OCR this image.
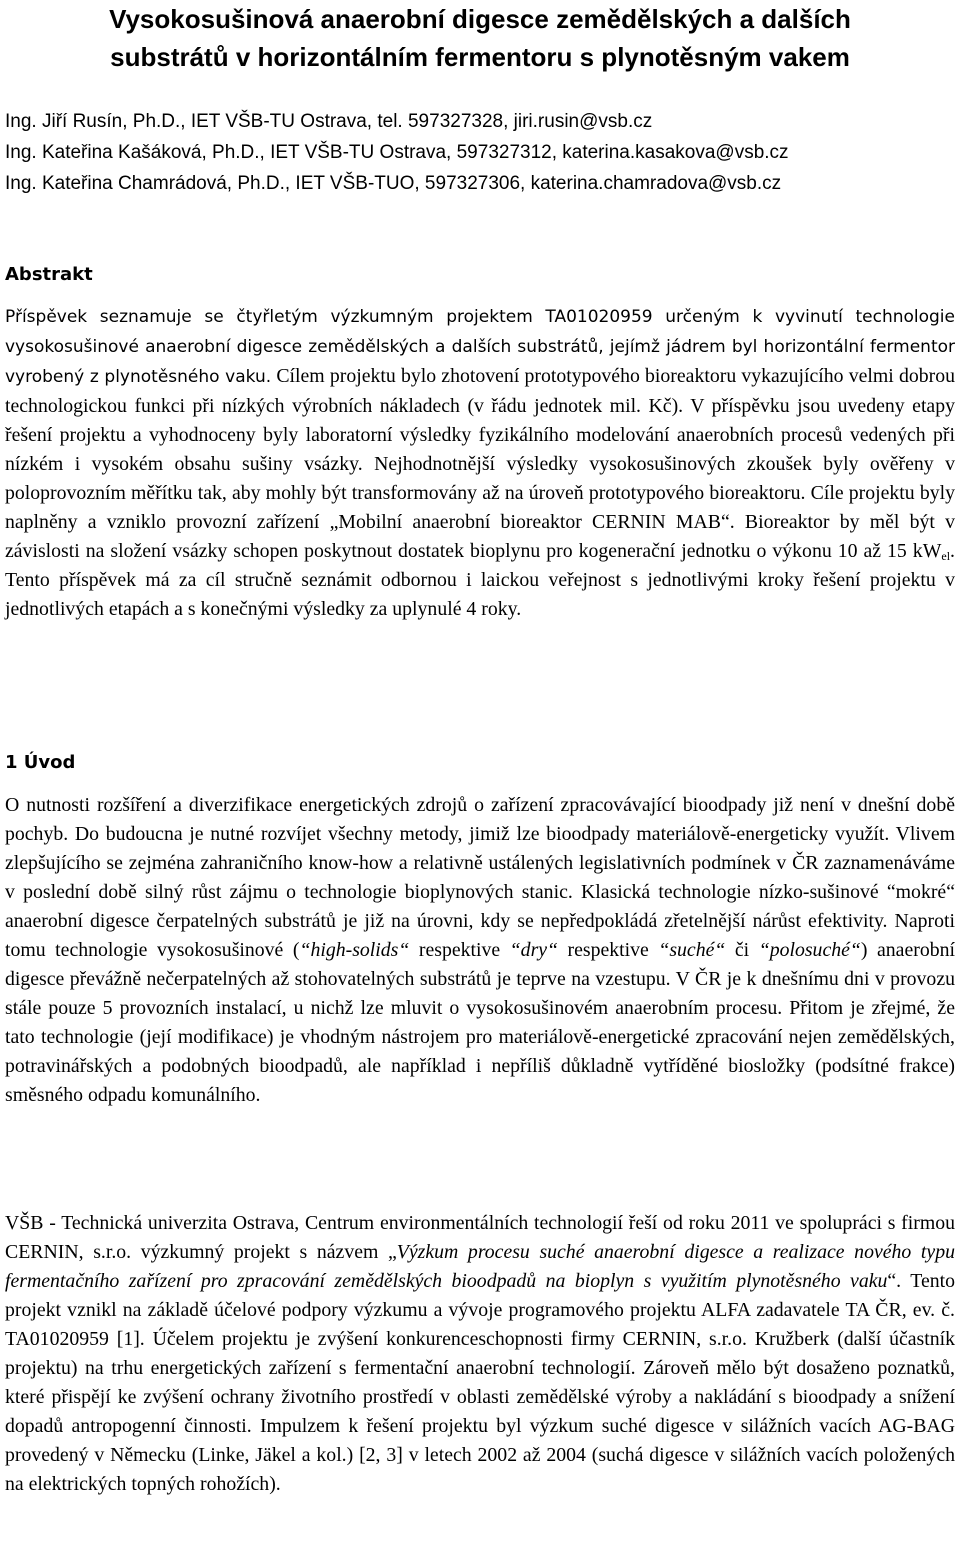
Vysokosušinová anaerobní digesce zemědělských a dalších
substrátů v horizontálním fermentoru s plynotěsným vakem
Ing. Jiří Rusín, Ph.D., IET VŠB-TU Ostrava, tel. 597327328, jiri.rusin@vsb.cz
Ing. Kateřina Kašáková, Ph.D., IET VŠB-TU Ostrava, 597327312, katerina.kasakova@vsb.cz
Ing. Kateřina Chamrádová, Ph.D., IET VŠB-TUO, 597327306, katerina.chamradova@vsb.cz
Abstrakt

Příspěvek seznamuje se čtyřletým výzkumným projektem TA01020959 určeným k vyvinutí technologie vysokosušinové anaerobní digesce zemědělských a dalších substrátů, jejímž jádrem byl horizontální fermentor vyrobený z plynotěsného vaku. Cílem projektu bylo zhotovení prototypového bioreaktoru vykazujícího velmi dobrou technologickou funkci při nízkých výrobních nákladech (v řádu jednotek mil. Kč). V příspěvku jsou uvedeny etapy řešení projektu a vyhodnoceny byly laboratorní výsledky fyzikálního modelování anaerobních procesů vedených při nízkém i vysokém obsahu sušiny vsázky. Nejhodnotnější výsledky vysokosušinových zkoušek byly ověřeny v poloprovozním měřítku tak, aby mohly být transformovány až na úroveň prototypového bioreaktoru. Cíle projektu byly naplněny a vzniklo provozní zařízení „Mobilní anaerobní bioreaktor CERNIN MAB“. Bioreaktor by měl být v závislosti na složení vsázky schopen poskytnout dostatek bioplynu pro kogenerační jednotku o výkonu 10 až 15 $kW_{el}$. Tento příspěvek má za cíl stručně seznámit odbornou i laickou veřejnost s jednotlivými kroky řešení projektu v jednotlivých etapách a s konečnými výsledky za uplynulé 4 roky.

1 Úvod

O nutnosti rozšíření a diverzifikace energetických zdrojů o zařízení zpracovávající bioodpady již není v dnešní době pochyb. Do budoucna je nutné rozvíjet všechny metody, jimiž lze bioodpady materiálově-energeticky využít. Vlivem zlepšujícího se zejména zahraničního know-how a relativně ustálených legislativních podmínek v ČR zaznamenáváme v poslední době silný růst zájmu o technologie bioplynových stanic. Klasická technologie nízko-sušinové “mokré“ anaerobní digesce čerpatelných substrátů je již na úrovni, kdy se nepředpokládá zřetelnější nárůst efektivity. Naproti tomu technologie vysokosušinové (“high-solids“ respektive “dry“ respektive “suché“ či “polosuché“) anaerobní digesce převážně nečerpatelných až stohovatelných substrátů je teprve na vzestupu. V ČR je k dnešnímu dni v provozu stále pouze 5 provozních instalací, u nichž lze mluvit o vysokosušinovém anaerobním procesu. Přitom je zřejmé, že tato technologie (její modifikace) je vhodným nástrojem pro materiálově-energetické zpracování nejen zemědělských, potravinářských a podobných bioodpadů, ale například i nepříliš důkladně vytříděné biosložky (podsítné frakce) směsného odpadu komunálního.

VŠB - Technická univerzita Ostrava, Centrum environmentálních technologií řeší od roku 2011 ve spolupráci s firmou CERNIN, s.r.o. výzkumný projekt s názvem „Výzkum procesu suché anaerobní digesce a realizace nového typu fermentačního zařízení pro zpracování zemědělských bioodpadů na bioplyn s využitím plynotěsného vaku“. Tento projekt vznikl na základě účelové podpory výzkumu a vývoje programového projektu ALFA zadavatele TA ČR, ev. č. TA01020959 [1]. Účelem projektu je zvýšení konkurenceschopnosti firmy CERNIN, s.r.o. Kružberk (další účastník projektu) na trhu energetických zařízení s fermentační anaerobní technologií. Zároveň mělo být dosaženo poznatků, které přispějí ke zvýšení ochrany životního prostředí v oblasti zemědělské výroby a nakládání s bioodpady a snížení dopadů antropogenní činnosti. Impulzem k řešení projektu byl výzkum suché digesce v silážních vacích AG-BAG provedený v Německu (Linke, Jäkel a kol.) [2, 3] v letech 2002 až 2004 (suchá digesce v silážních vacích položených na elektrických topných rohožích).
